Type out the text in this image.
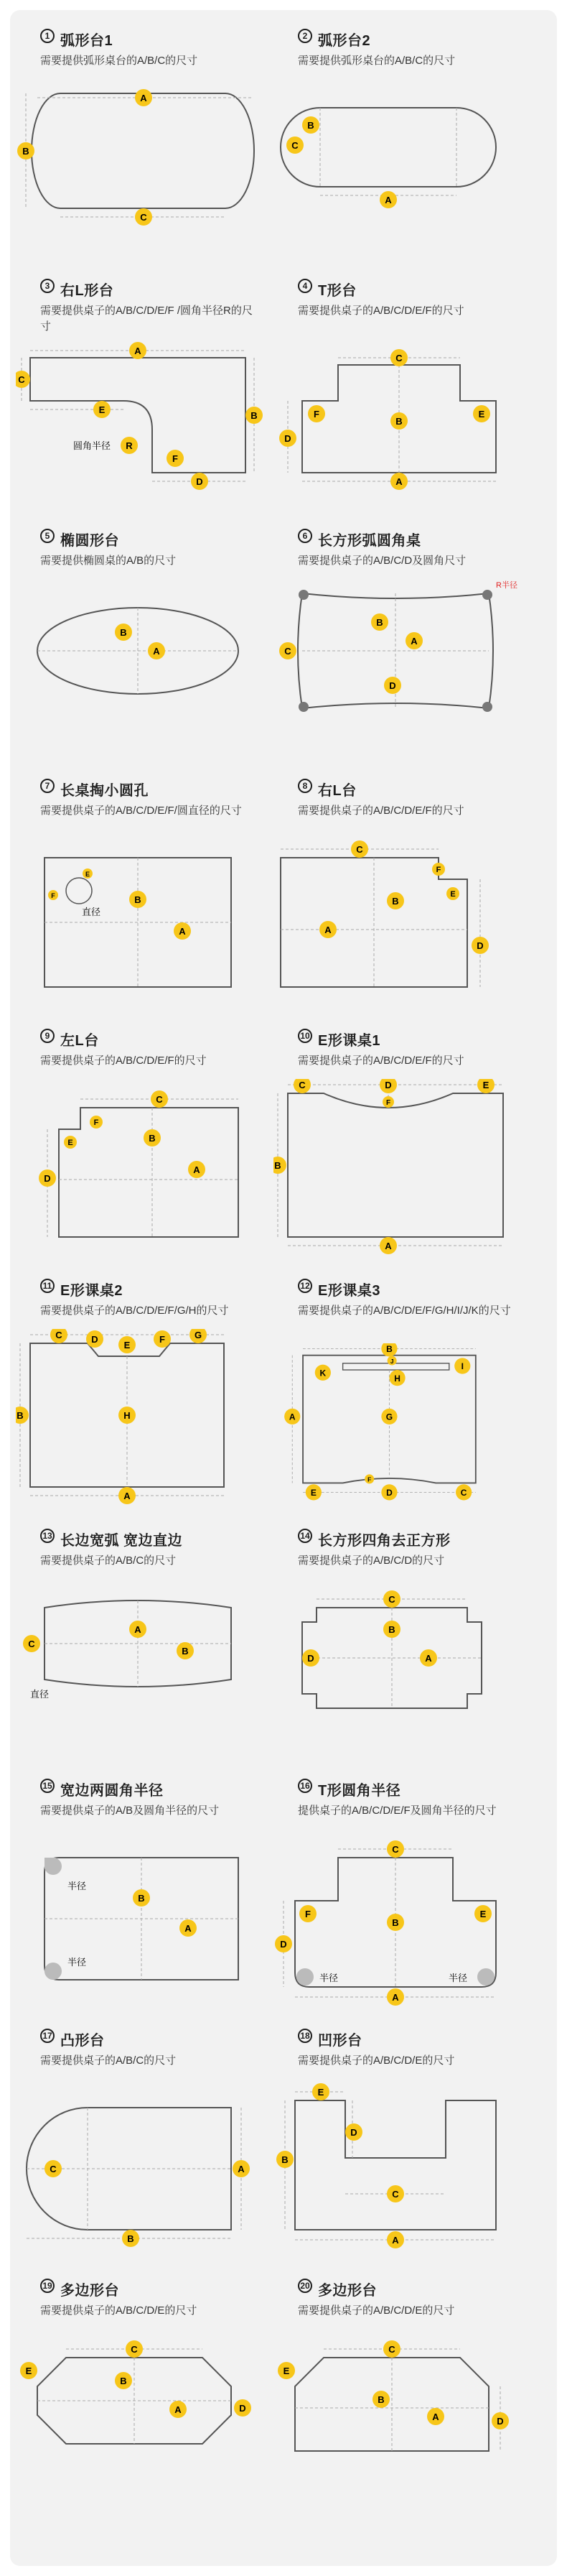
1 弧形台1
需要提供弧形桌台的A/B/C的尺寸
A
B
C
2 弧形台2
需要提供弧形桌台的A/B/C的尺寸
B
C
A
3 右L形台
需要提供桌子的A/B/C/D/E/F /圆角半径R的尺寸
A
B
C
E
D
F
R
圆角半径
4 T形台
需要提供桌子的A/B/C/D/E/F的尺寸
C
B
A
F	E
D
5 椭圆形台
需要提供椭圆桌的A/B的尺寸
B
A
6 长方形弧圆角桌
需要提供桌子的A/B/C/D及圆角尺寸
R半径
B
A
C
D
7 长桌掏小圆孔
需要提供桌子的A/B/C/D/E/F/圆直径的尺寸
E
F
直径
B
A
8 右L台
需要提供桌子的A/B/C/D/E/F的尺寸
C
F
E
B
A
D
9 左L台
需要提供桌子的A/B/C/D/E/F的尺寸
C
F
E	B
A
D
10 E形课桌1
需要提供桌子的A/B/C/D/E/F的尺寸
C	D	E
F
B
A
11 E形课桌2
需要提供桌子的A/B/C/D/E/F/G/H的尺寸
C	D
E
F	G
H
B
A
12 E形课桌3
需要提供桌子的A/B/C/D/E/F/G/H/I/J/K的尺寸
B
J
K
I
H
G
A
F
E	D	C
13 长边宽弧 宽边直边
需要提供桌子的A/B/C的尺寸
A
B
C
直径
14 长方形四角去正方形
需要提供桌子的A/B/C/D的尺寸
C
B
D	A
15 宽边两圆角半径
需要提供桌子的A/B及圆角半径的尺寸
半径
半径
B
A
16 T形圆角半径
提供桌子的A/B/C/D/E/F及圆角半径的尺寸
C
F	E
B
D
半径	半径
A
17 凸形台
需要提供桌子的A/B/C的尺寸
C	A
B
18 凹形台
需要提供桌子的A/B/C/D/E的尺寸
E
D
B
C
A
19 多边形台
需要提供桌子的A/B/C/D/E的尺寸
C
E
B
A	D
20 多边形台
需要提供桌子的A/B/C/D/E的尺寸
C
E
B
A	D
